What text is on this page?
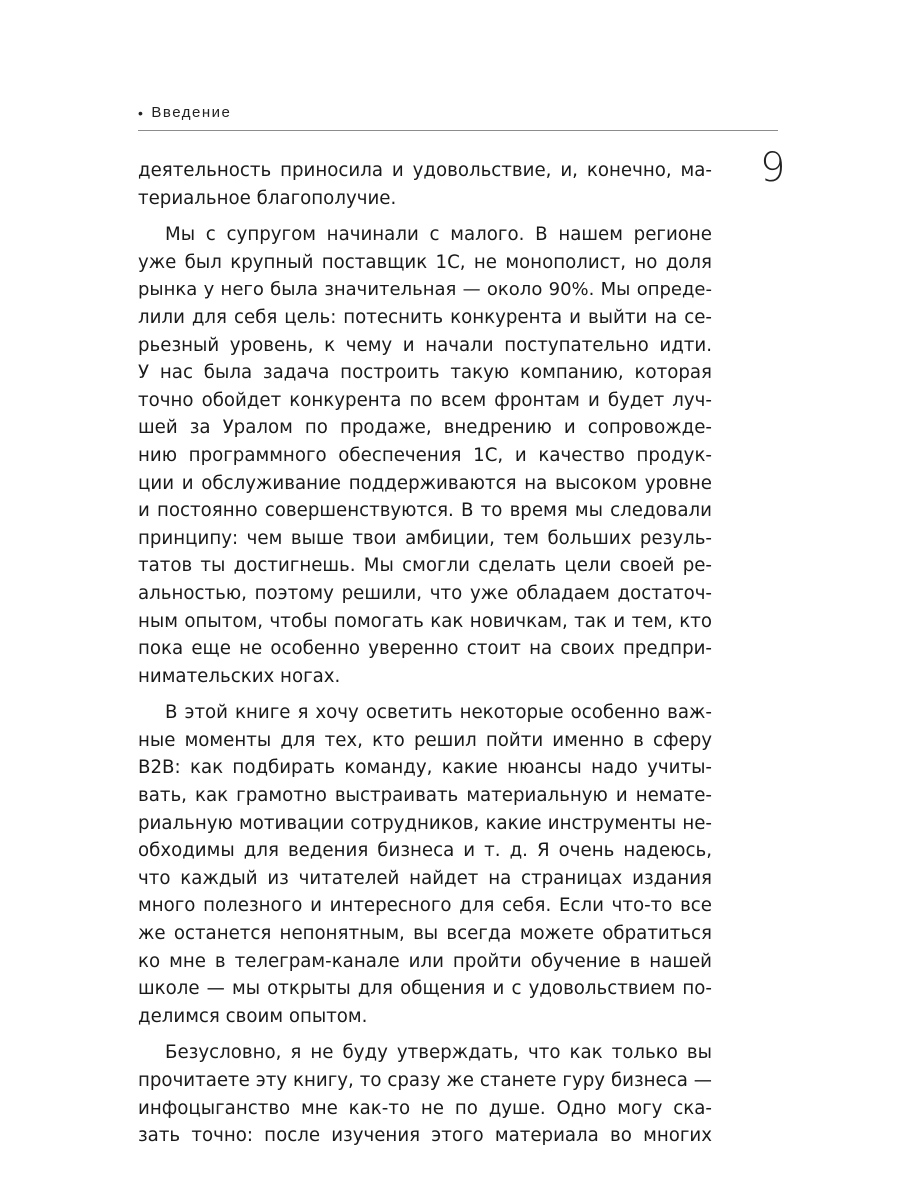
• Введение
9

деятельность приносила и удовольствие, и, конечно, ма-
териальное благополучие.

Мы с супругом начинали с малого. В нашем регионе
уже был крупный поставщик 1С, не монополист, но доля
рынка у него была значительная — около 90%. Мы опреде-
лили для себя цель: потеснить конкурента и выйти на се-
рьезный уровень, к чему и начали поступательно идти.
У нас была задача построить такую компанию, которая
точно обойдет конкурента по всем фронтам и будет луч-
шей за Уралом по продаже, внедрению и сопровожде-
нию программного обеспечения 1С, и качество продук-
ции и обслуживание поддерживаются на высоком уровне
и постоянно совершенствуются. В то время мы следовали
принципу: чем выше твои амбиции, тем больших резуль-
татов ты достигнешь. Мы смогли сделать цели своей ре-
альностью, поэтому решили, что уже обладаем достаточ-
ным опытом, чтобы помогать как новичкам, так и тем, кто
пока еще не особенно уверенно стоит на своих предпри-
нимательских ногах.

В этой книге я хочу осветить некоторые особенно важ-
ные моменты для тех, кто решил пойти именно в сферу
B2B: как подбирать команду, какие нюансы надо учиты-
вать, как грамотно выстраивать материальную и немате-
риальную мотивации сотрудников, какие инструменты не-
обходимы для ведения бизнеса и т. д. Я очень надеюсь,
что каждый из читателей найдет на страницах издания
много полезного и интересного для себя. Если что-то все
же останется непонятным, вы всегда можете обратиться
ко мне в телеграм-канале или пройти обучение в нашей
школе — мы открыты для общения и с удовольствием по-
делимся своим опытом.

Безусловно, я не буду утверждать, что как только вы
прочитаете эту книгу, то сразу же станете гуру бизнеса —
инфоцыганство мне как-то не по душе. Одно могу ска-
зать точно: после изучения этого материала во многих
